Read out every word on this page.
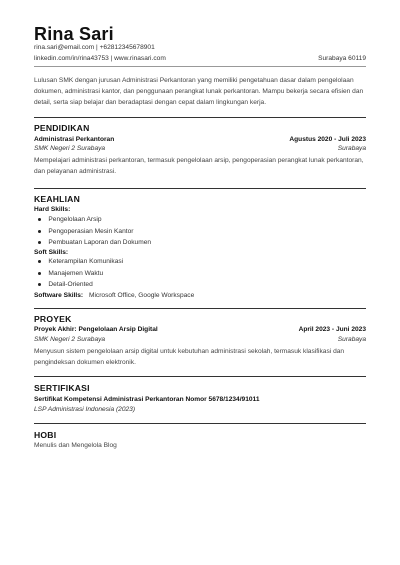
Rina Sari
rina.sari@email.com | +62812345678901
linkedin.com/in/rina43753 | www.rinasari.com	Surabaya 60119
Lulusan SMK dengan jurusan Administrasi Perkantoran yang memiliki pengetahuan dasar dalam pengelolaan dokumen, administrasi kantor, dan penggunaan perangkat lunak perkantoran. Mampu bekerja secara efisien dan detail, serta siap belajar dan beradaptasi dengan cepat dalam lingkungan kerja.
PENDIDIKAN
Administrasi Perkantoran	Agustus 2020 - Juli 2023
SMK Negeri 2 Surabaya	Surabaya
Mempelajari administrasi perkantoran, termasuk pengelolaan arsip, pengoperasian perangkat lunak perkantoran, dan pelayanan administrasi.
KEAHLIAN
Hard Skills:
Pengelolaan Arsip
Pengoperasian Mesin Kantor
Pembuatan Laporan dan Dokumen
Soft Skills:
Keterampilan Komunikasi
Manajemen Waktu
Detail-Oriented
Software Skills: Microsoft Office, Google Workspace
PROYEK
Proyek Akhir: Pengelolaan Arsip Digital	April 2023 - Juni 2023
SMK Negeri 2 Surabaya	Surabaya
Menyusun sistem pengelolaan arsip digital untuk kebutuhan administrasi sekolah, termasuk klasifikasi dan pengindeksan dokumen elektronik.
SERTIFIKASI
Sertifikat Kompetensi Administrasi Perkantoran Nomor 5678/1234/91011
LSP Administrasi Indonesia (2023)
HOBI
Menulis dan Mengelola Blog
